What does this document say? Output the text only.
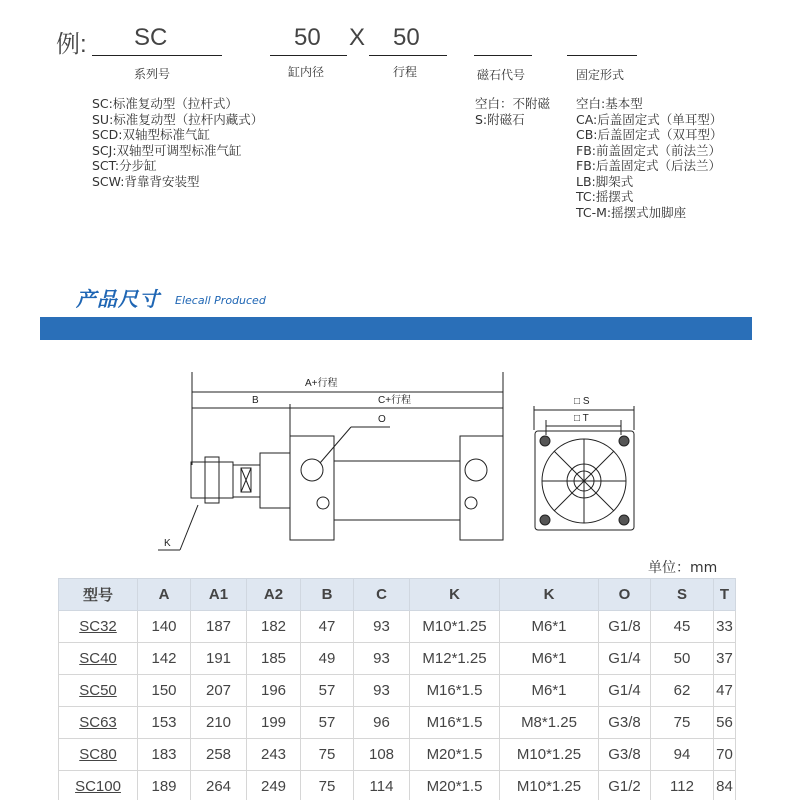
例: SC	50 X 50
系列号	缸内径	行程	磁石代号	固定形式
SC:标准复动型（拉杆式）
SU:标准复动型（拉杆内藏式）
SCD:双轴型标准气缸
SCJ:双轴型可调型标准气缸
SCT:分步缸
SCW:背靠背安装型
空白：不附磁
S:附磁石
空白:基本型
CA:后盖固定式（单耳型）
CB:后盖固定式（双耳型）
FB:前盖固定式（前法兰）
FB:后盖固定式（后法兰）
LB:脚架式
TC:摇摆式
TC-M:摇摆式加脚座
产品尺寸 Elecall Produced
A+行程
B	C+行程
O
K
□ S
□ T
单位：mm
型号	A	A1	A2	B	C	K	K	O	S	T
SC32	140	187	182	47	93	M10*1.25	M6*1	G1/8	45	33
SC40	142	191	185	49	93	M12*1.25	M6*1	G1/4	50	37
SC50	150	207	196	57	93	M16*1.5	M6*1	G1/4	62	47
SC63	153	210	199	57	96	M16*1.5	M8*1.25	G3/8	75	56
SC80	183	258	243	75	108	M20*1.5	M10*1.25	G3/8	94	70
SC100	189	264	249	75	114	M20*1.5	M10*1.25	G1/2	112	84
